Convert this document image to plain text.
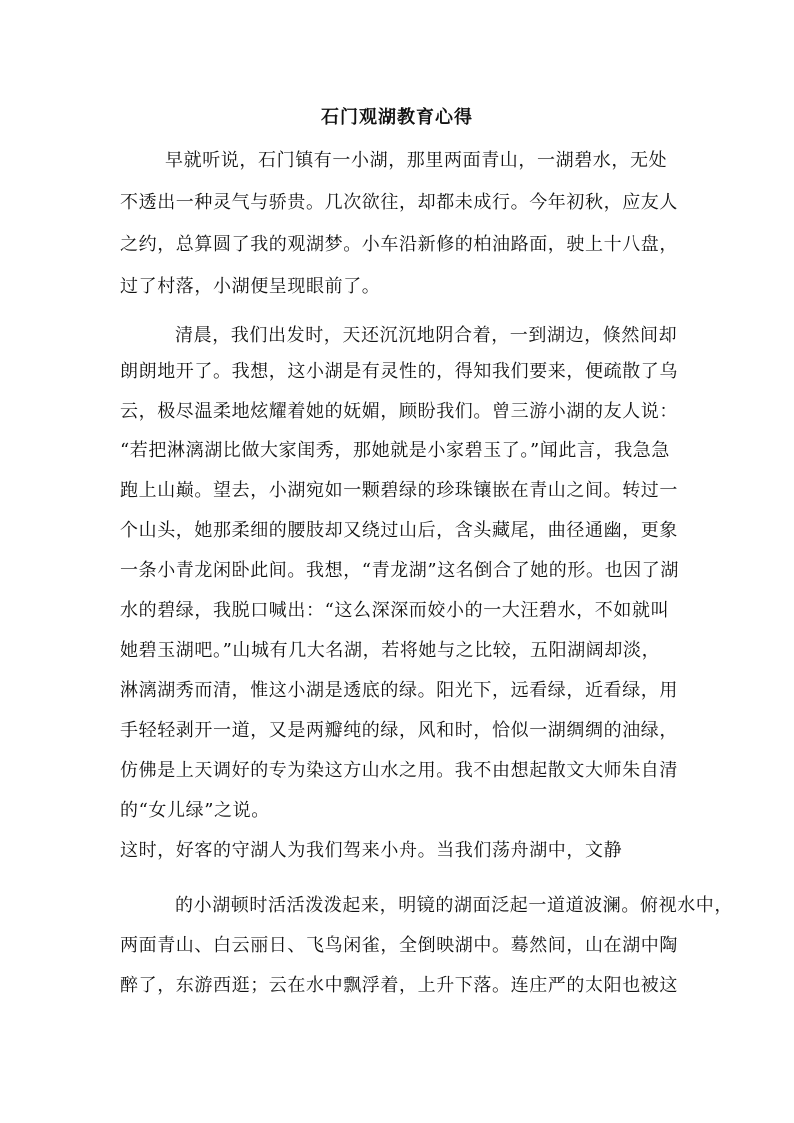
石门观湖教育心得
早就听说，石门镇有一小湖，那里两面青山，一湖碧水，无处
不透出一种灵气与骄贵。几次欲往，却都未成行。今年初秋，应友人
之约，总算圆了我的观湖梦。小车沿新修的柏油路面，驶上十八盘，
过了村落，小湖便呈现眼前了。
清晨，我们出发时，天还沉沉地阴合着，一到湖边，倏然间却
朗朗地开了。我想，这小湖是有灵性的，得知我们要来，便疏散了乌
云，极尽温柔地炫耀着她的妩媚，顾盼我们。曾三游小湖的友人说：
“若把淋漓湖比做大家闺秀，那她就是小家碧玉了。”闻此言，我急急
跑上山巅。望去，小湖宛如一颗碧绿的珍珠镶嵌在青山之间。转过一
个山头，她那柔细的腰肢却又绕过山后，含头藏尾，曲径通幽，更象
一条小青龙闲卧此间。我想，“青龙湖”这名倒合了她的形。也因了湖
水的碧绿，我脱口喊出：“这么深深而姣小的一大汪碧水，不如就叫
她碧玉湖吧。”山城有几大名湖，若将她与之比较，五阳湖阔却淡，
淋漓湖秀而清，惟这小湖是透底的绿。阳光下，远看绿，近看绿，用
手轻轻剥开一道，又是两瓣纯的绿，风和时，恰似一湖绸绸的油绿，
仿佛是上天调好的专为染这方山水之用。我不由想起散文大师朱自清
的“女儿绿”之说。
这时，好客的守湖人为我们驾来小舟。当我们荡舟湖中，文静
的小湖顿时活活泼泼起来，明镜的湖面泛起一道道波澜。俯视水中，
两面青山、白云丽日、飞鸟闲雀，全倒映湖中。蓦然间，山在湖中陶
醉了，东游西逛；云在水中飘浮着，上升下落。连庄严的太阳也被这
